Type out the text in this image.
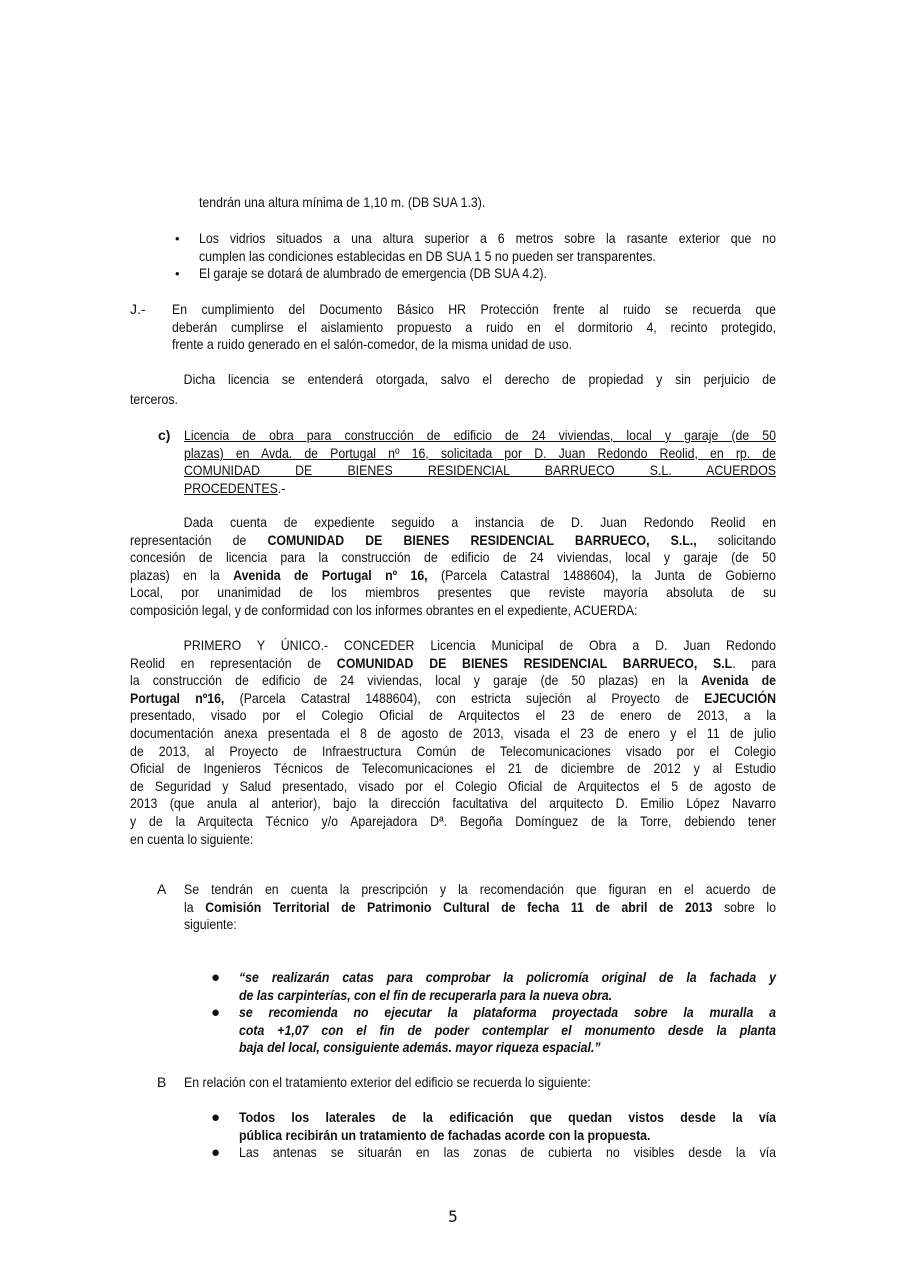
tendrán una altura mínima de 1,10 m. (DB SUA 1.3).
• Los vidrios situados a una altura superior a 6 metros sobre la rasante exterior que no
cumplen las condiciones establecidas en DB SUA 1 5 no pueden ser transparentes.
• El garaje se dotará de alumbrado de emergencia (DB SUA 4.2).
J.- En cumplimiento del Documento Básico HR Protección frente al ruido se recuerda que
deberán cumplirse el aislamiento propuesto a ruido en el dormitorio 4, recinto protegido,
frente a ruido generado en el salón-comedor, de la misma unidad de uso.
Dicha licencia se entenderá otorgada, salvo el derecho de propiedad y sin perjuicio de
terceros.
c) Licencia de obra para construcción de edificio de 24 viviendas, local y garaje (de 50
plazas) en Avda. de Portugal nº 16, solicitada por D. Juan Redondo Reolid, en rp. de
COMUNIDAD DE BIENES RESIDENCIAL BARRUECO S.L. ACUERDOS
PROCEDENTES.-
Dada cuenta de expediente seguido a instancia de D. Juan Redondo Reolid en
representación de COMUNIDAD DE BIENES RESIDENCIAL BARRUECO, S.L., solicitando
concesión de licencia para la construcción de edificio de 24 viviendas, local y garaje (de 50
plazas) en la Avenida de Portugal nº 16, (Parcela Catastral 1488604), la Junta de Gobierno
Local, por unanimidad de los miembros presentes que reviste mayoría absoluta de su
composición legal, y de conformidad con los informes obrantes en el expediente, ACUERDA:
PRIMERO Y ÚNICO.- CONCEDER Licencia Municipal de Obra a D. Juan Redondo
Reolid en representación de COMUNIDAD DE BIENES RESIDENCIAL BARRUECO, S.L. para
la construcción de edificio de 24 viviendas, local y garaje (de 50 plazas) en la Avenida de
Portugal nº16, (Parcela Catastral 1488604), con estricta sujeción al Proyecto de EJECUCIÓN
presentado, visado por el Colegio Oficial de Arquitectos el 23 de enero de 2013, a la
documentación anexa presentada el 8 de agosto de 2013, visada el 23 de enero y el 11 de julio
de 2013, al Proyecto de Infraestructura Común de Telecomunicaciones visado por el Colegio
Oficial de Ingenieros Técnicos de Telecomunicaciones el 21 de diciembre de 2012 y al Estudio
de Seguridad y Salud presentado, visado por el Colegio Oficial de Arquitectos el 5 de agosto de
2013 (que anula al anterior), bajo la dirección facultativa del arquitecto D. Emilio López Navarro
y de la Arquitecta Técnico y/o Aparejadora Dª. Begoña Domínguez de la Torre, debiendo tener
en cuenta lo siguiente:
A Se tendrán en cuenta la prescripción y la recomendación que figuran en el acuerdo de
la Comisión Territorial de Patrimonio Cultural de fecha 11 de abril de 2013 sobre lo
siguiente:
● “se realizarán catas para comprobar la policromía original de la fachada y
de las carpinterías, con el fin de recuperarla para la nueva obra.
● se recomienda no ejecutar la plataforma proyectada sobre la muralla a
cota +1,07 con el fin de poder contemplar el monumento desde la planta
baja del local, consiguiente además. mayor riqueza espacial.”
B En relación con el tratamiento exterior del edificio se recuerda lo siguiente:
● Todos los laterales de la edificación que quedan vistos desde la vía
pública recibirán un tratamiento de fachadas acorde con la propuesta.
● Las antenas se situarán en las zonas de cubierta no visibles desde la vía
5
